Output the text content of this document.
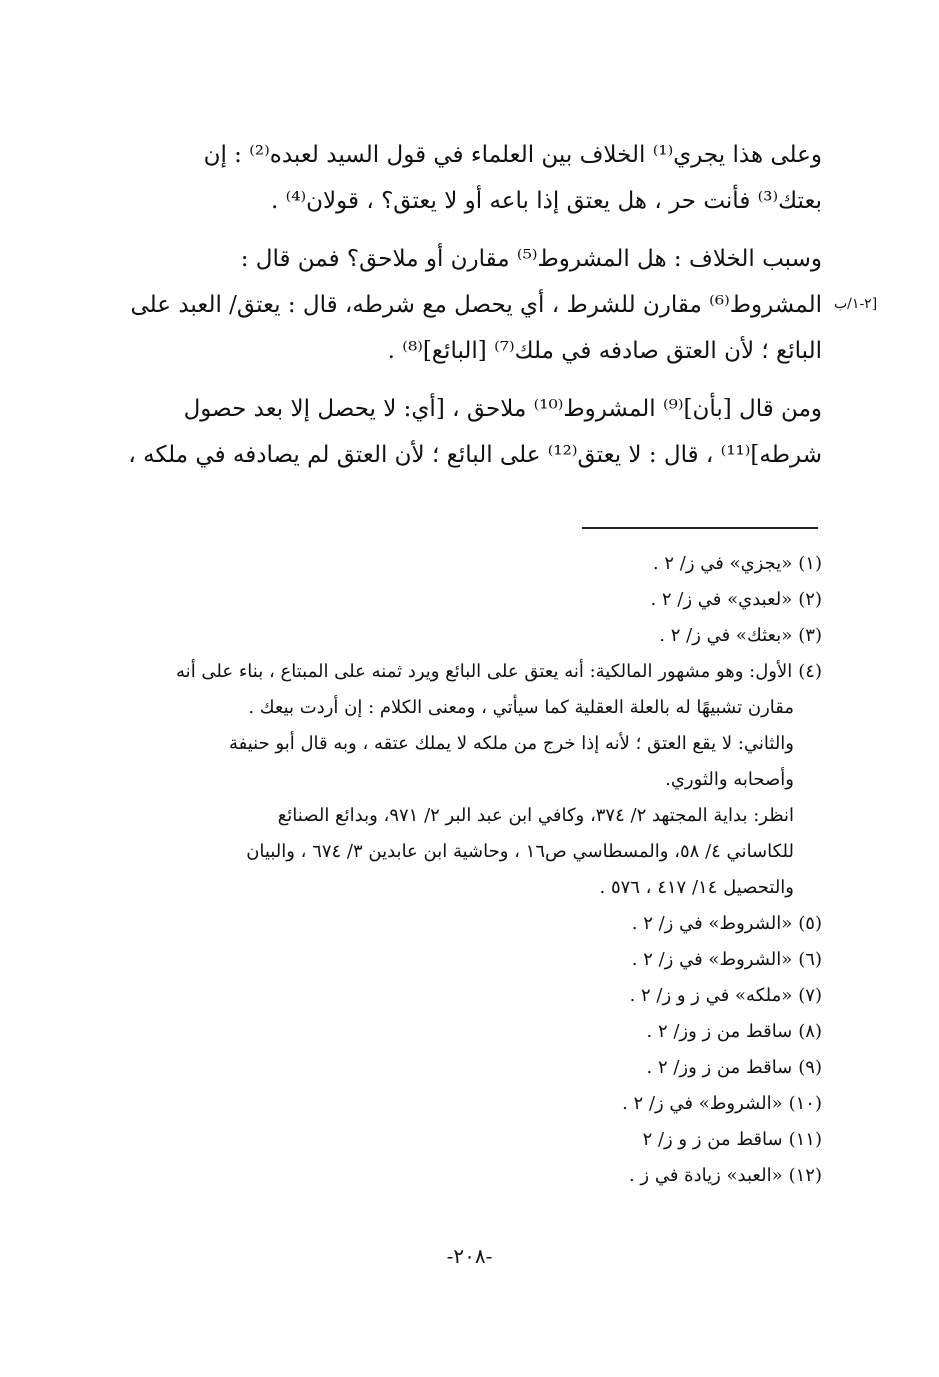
٢-١/ب]

وعلى هذا يجري⁽¹⁾ الخلاف بين العلماء في قول السيد لعبده⁽²⁾ : إن

بعتك⁽³⁾ فأنت حر ، هل يعتق إذا باعه أو لا يعتق؟ ، قولان⁽⁴⁾ .

وسبب الخلاف : هل المشروط⁽⁵⁾ مقارن أو ملاحق؟ فمن قال :

المشروط⁽⁶⁾ مقارن للشرط ، أي يحصل مع شرطه، قال : يعتق/ العبد على

البائع ؛ لأن العتق صادفه في ملك⁽⁷⁾ [البائع]⁽⁸⁾ .

ومن قال [بأن]⁽⁹⁾ المشروط⁽¹⁰⁾ ملاحق ، [أي: لا يحصل إلا بعد حصول

شرطه]⁽¹¹⁾ ، قال : لا يعتق⁽¹²⁾ على البائع ؛ لأن العتق لم يصادفه في ملكه ،

(١)«يجزي» في ز/ ٢ .

(٢)«لعبدي» في ز/ ٢ .

(٣)«بعثك» في ز/ ٢ .

(٤)الأول: وهو مشهور المالكية: أنه يعتق على البائع ويرد ثمنه على المبتاع ، بناء على أنه
مقارن تشبيهًا له بالعلة العقلية كما سيأتي ، ومعنى الكلام : إن أردت بيعك .
والثاني: لا يقع العتق ؛ لأنه إذا خرج من ملكه لا يملك عتقه ، وبه قال أبو حنيفة
وأصحابه والثوري.
انظر: بداية المجتهد ٢/ ٣٧٤، وكافي ابن عبد البر ٢/ ٩٧١، وبدائع الصنائع
للكاساني ٤/ ٥٨، والمسطاسي ص١٦ ، وحاشية ابن عابدين ٣/ ٦٧٤ ، والبيان
والتحصيل ١٤/ ٤١٧ ، ٥٧٦ .

(٥)«الشروط» في ز/ ٢ .

(٦)«الشروط» في ز/ ٢ .

(٧)«ملكه» في ز و ز/ ٢ .

(٨)ساقط من ز وز/ ٢ .

(٩)ساقط من ز وز/ ٢ .

(١٠)«الشروط» في ز/ ٢ .

(١١)ساقط من ز و ز/ ٢

(١٢)«العبد» زيادة في ز .

-٢٠٨-
